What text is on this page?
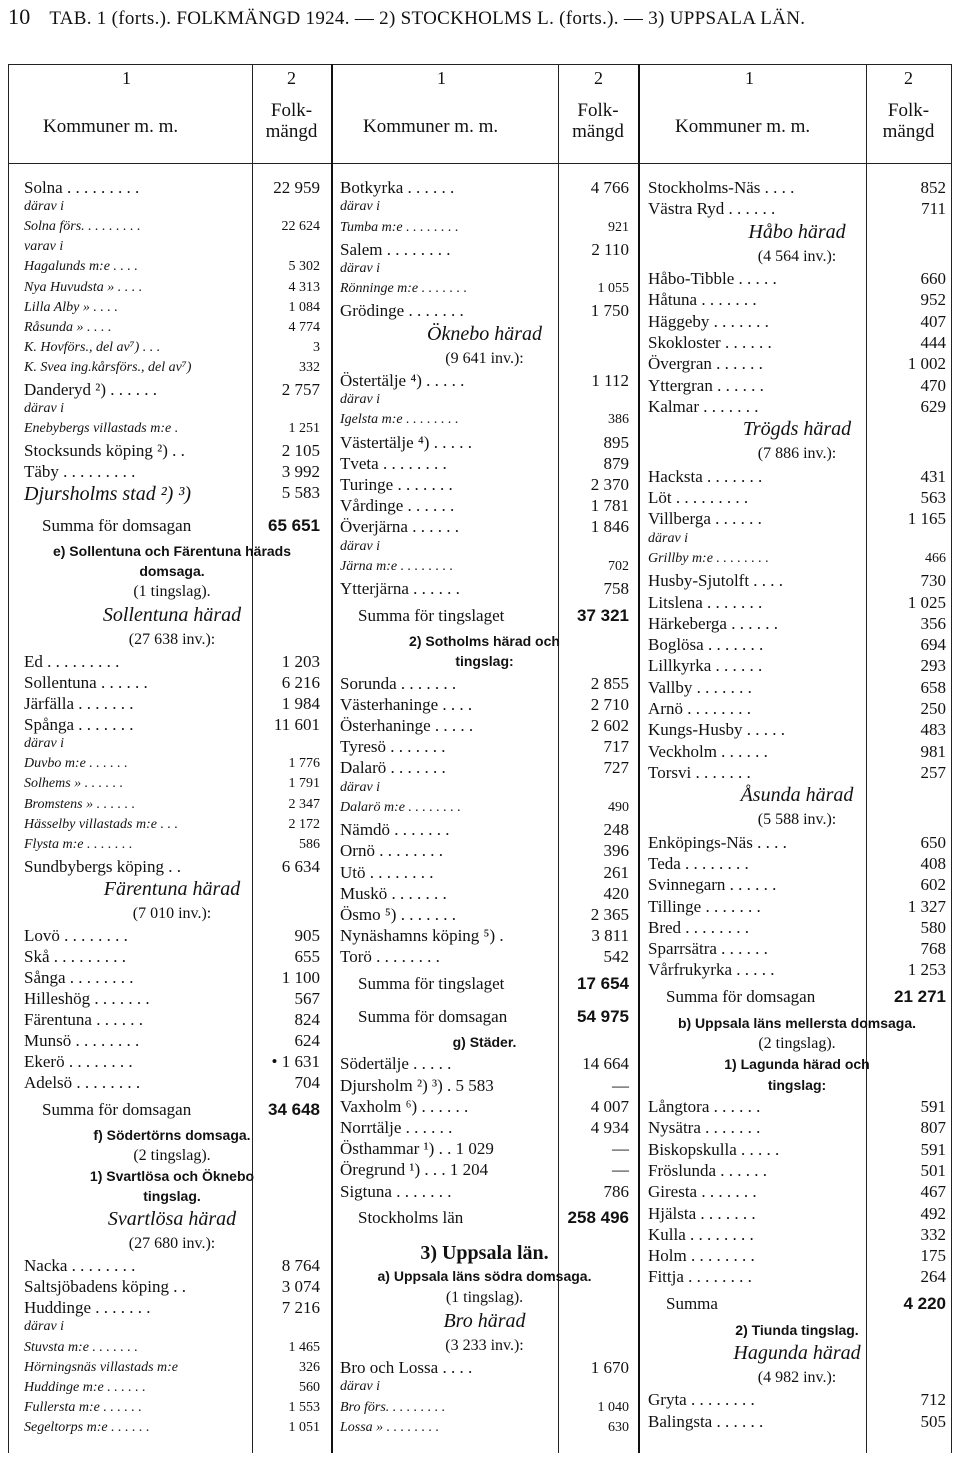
10 TAB. 1 (forts.). FOLKMÄNGD 1924. — 2) STOCKHOLMS L. (forts.). — 3) UPPSALA LÄN.
1
Kommuner m. m.
2
Folk-
mängd
1
Kommuner m. m.
2
Folk-
mängd
1
Kommuner m. m.
2
Folk-
mängd
Solna . . . . . . . . .	22 959
därav i
Solna förs. . . . . . . . .	22 624
varav i
Hagalunds m:e . . . .	5 302
Nya Huvudsta » . . . .	4 313
Lilla Alby » . . . .	1 084
Råsunda » . . . .	4 774
K. Hovförs., del av⁷) . . .	3
K. Svea ing.kårsförs., del av⁷)	332
Danderyd ²) . . . . . .	2 757
därav i
Enebybergs villastads m:e .	1 251
Stocksunds köping ²) . .	2 105
Täby . . . . . . . . .	3 992
Djursholms stad ²) ³)	5 583
Summa för domsagan	65 651
e) Sollentuna och Färentuna härads
domsaga.
(1 tingslag).
Sollentuna härad
(27 638 inv.):
Ed . . . . . . . . .	1 203
Sollentuna . . . . . .	6 216
Järfälla . . . . . . .	1 984
Spånga . . . . . . .	11 601
därav i
Duvbo m:e . . . . . .	1 776
Solhems » . . . . . .	1 791
Bromstens » . . . . . .	2 347
Hässelby villastads m:e . . .	2 172
Flysta m:e . . . . . . .	586
Sundbybergs köping . .	6 634
Färentuna härad
(7 010 inv.):
Lovö . . . . . . . .	905
Skå . . . . . . . . .	655
Sånga . . . . . . . .	1 100
Hilleshög . . . . . . .	567
Färentuna . . . . . .	824
Munsö . . . . . . . .	624
Ekerö . . . . . . . .	• 1 631
Adelsö . . . . . . . .	704
Summa för domsagan	34 648
f) Södertörns domsaga.
(2 tingslag).
1) Svartlösa och Öknebo
tingslag.
Svartlösa härad
(27 680 inv.):
Nacka . . . . . . . .	8 764
Saltsjöbadens köping . .	3 074
Huddinge . . . . . . .	7 216
därav i
Stuvsta m:e . . . . . . .	1 465
Hörningsnäs villastads m:e	326
Huddinge m:e . . . . . .	560
Fullersta m:e . . . . . .	1 553
Segeltorps m:e . . . . . .	1 051
Botkyrka . . . . . .	4 766
därav i
Tumba m:e . . . . . . . .	921
Salem . . . . . . . .	2 110
därav i
Rönninge m:e . . . . . . .	1 055
Grödinge . . . . . . .	1 750
Öknebo härad
(9 641 inv.):
Östertälje ⁴) . . . . .	1 112
därav i
Igelsta m:e . . . . . . . .	386
Västertälje ⁴) . . . . .	895
Tveta . . . . . . . .	879
Turinge . . . . . . .	2 370
Vårdinge . . . . . .	1 781
Överjärna . . . . . .	1 846
därav i
Järna m:e . . . . . . . .	702
Ytterjärna . . . . . .	758
Summa för tingslaget	37 321
2) Sotholms härad och
tingslag:
Sorunda . . . . . . .	2 855
Västerhaninge . . . .	2 710
Österhaninge . . . . .	2 602
Tyresö . . . . . . .	717
Dalarö . . . . . . .	727
därav i
Dalarö m:e . . . . . . . .	490
Nämdö . . . . . . .	248
Ornö . . . . . . . .	396
Utö . . . . . . . .	261
Muskö . . . . . . .	420
Ösmo ⁵) . . . . . . .	2 365
Nynäshamns köping ⁵) .	3 811
Torö . . . . . . . .	542
Summa för tingslaget	17 654
Summa för domsagan	54 975
g) Städer.
Södertälje . . . . .	14 664
Djursholm ²) ³) . 5 583	—
Vaxholm ⁶) . . . . . .	4 007
Norrtälje . . . . . .	4 934
Östhammar ¹) . . 1 029	—
Öregrund ¹) . . . 1 204	—
Sigtuna . . . . . . .	786
Stockholms län	258 496
3) Uppsala län.
a) Uppsala läns södra domsaga.
(1 tingslag).
Bro härad
(3 233 inv.):
Bro och Lossa . . . .	1 670
därav i
Bro förs. . . . . . . . .	1 040
Lossa » . . . . . . . .	630
Stockholms-Näs . . . .	852
Västra Ryd . . . . . .	711
Håbo härad
(4 564 inv.):
Håbo-Tibble . . . . .	660
Håtuna . . . . . . .	952
Häggeby . . . . . . .	407
Skokloster . . . . . .	444
Övergran . . . . . .	1 002
Yttergran . . . . . .	470
Kalmar . . . . . . .	629
Trögds härad
(7 886 inv.):
Hacksta . . . . . . .	431
Löt . . . . . . . . .	563
Villberga . . . . . .	1 165
därav i
Grillby m:e . . . . . . . .	466
Husby-Sjutolft . . . .	730
Litslena . . . . . . .	1 025
Härkeberga . . . . . .	356
Boglösa . . . . . . .	694
Lillkyrka . . . . . .	293
Vallby . . . . . . .	658
Arnö . . . . . . . .	250
Kungs-Husby . . . . .	483
Veckholm . . . . . .	981
Torsvi . . . . . . .	257
Åsunda härad
(5 588 inv.):
Enköpings-Näs . . . .	650
Teda . . . . . . . .	408
Svinnegarn . . . . . .	602
Tillinge . . . . . . .	1 327
Bred . . . . . . . .	580
Sparrsätra . . . . . .	768
Vårfrukyrka . . . . .	1 253
Summa för domsagan	21 271
b) Uppsala läns mellersta domsaga.
(2 tingslag).
1) Lagunda härad och
tingslag:
Långtora . . . . . .	591
Nysätra . . . . . . .	807
Biskopskulla . . . . .	591
Fröslunda . . . . . .	501
Giresta . . . . . . .	467
Hjälsta . . . . . . .	492
Kulla . . . . . . . .	332
Holm . . . . . . . .	175
Fittja . . . . . . . .	264
Summa	4 220
2) Tiunda tingslag.
Hagunda härad
(4 982 inv.):
Gryta . . . . . . . .	712
Balingsta . . . . . .	505
